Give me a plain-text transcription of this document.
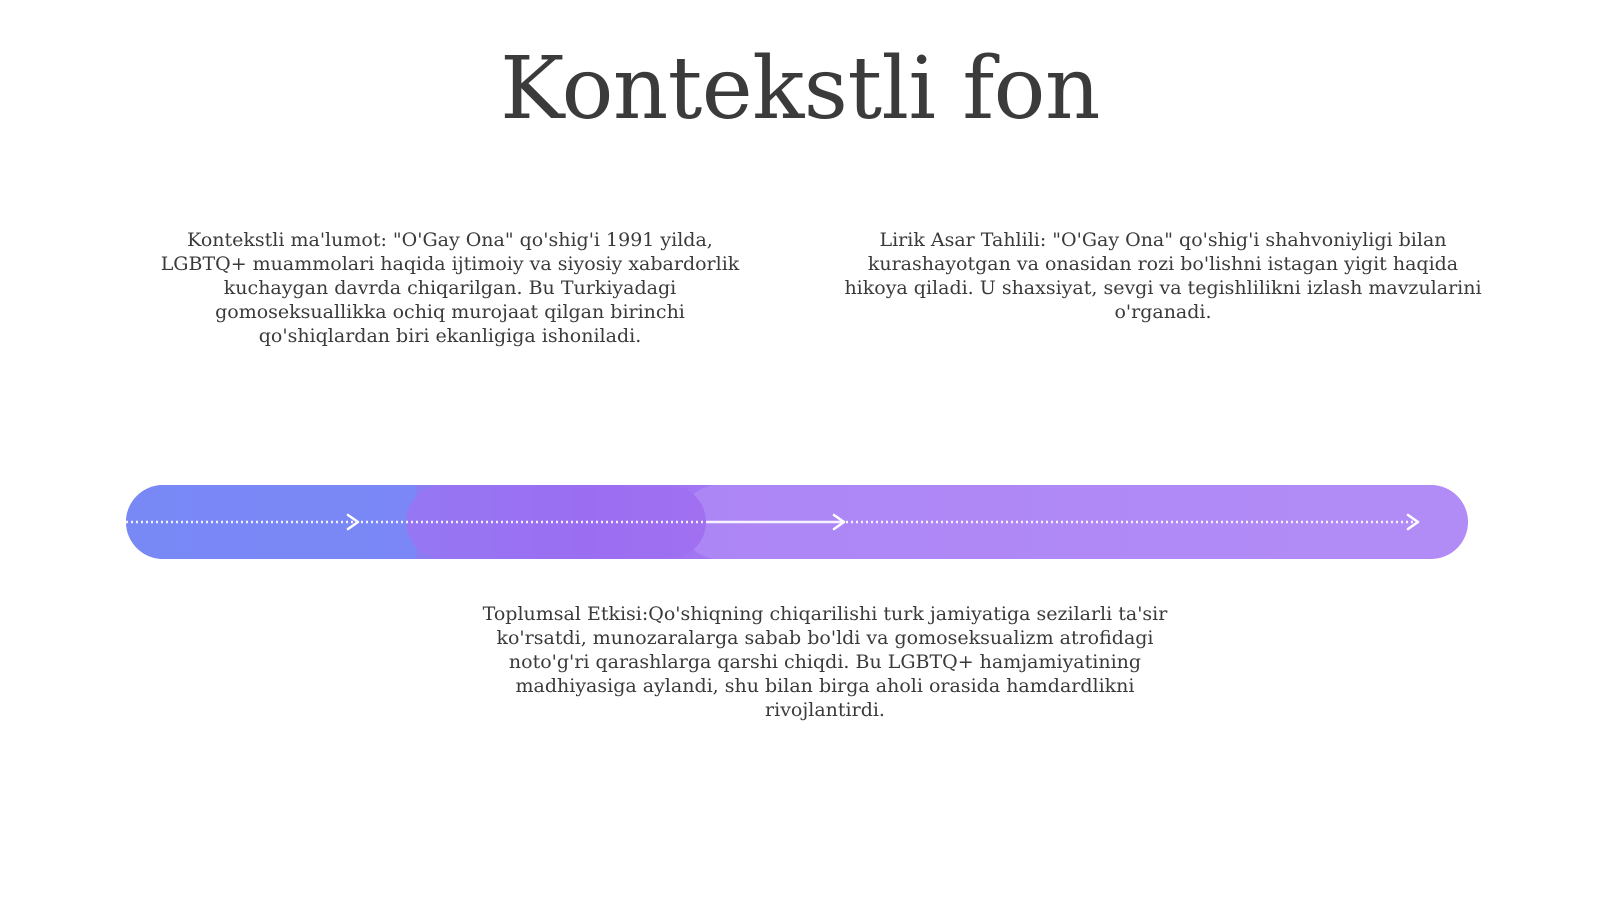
Kontekstli fon

Kontekstli ma'lumot: "O'Gay Ona" qo'shig'i 1991 yilda, LGBTQ+ muammolari haqida ijtimoiy va siyosiy xabardorlik kuchaygan davrda chiqarilgan. Bu Turkiyadagi gomoseksuallikka ochiq murojaat qilgan birinchi qo'shiqlardan biri ekanligiga ishoniladi.

Lirik Asar Tahlili: "O'Gay Ona" qo'shig'i shahvoniyligi bilan kurashayotgan va onasidan rozi bo'lishni istagan yigit haqida hikoya qiladi. U shaxsiyat, sevgi va tegishlilikni izlash mavzularini o'rganadi.

Toplumsal Etkisi:Qo'shiqning chiqarilishi turk jamiyatiga sezilarli ta'sir ko'rsatdi, munozaralarga sabab bo'ldi va gomoseksualizm atrofidagi noto'g'ri qarashlarga qarshi chiqdi. Bu LGBTQ+ hamjamiyatining madhiyasiga aylandi, shu bilan birga aholi orasida hamdardlikni rivojlantirdi.
